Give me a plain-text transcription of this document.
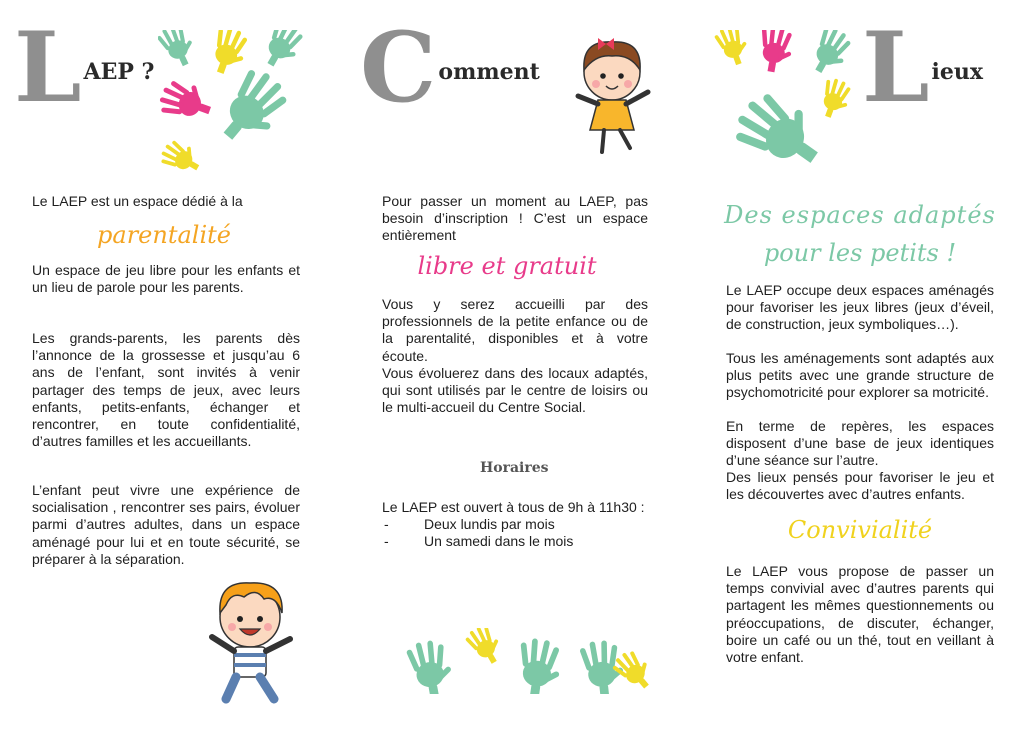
L AEP ?
Le LAEP est un espace dédié à la
parentalité
Un espace de jeu libre pour les enfants et un lieu de parole pour les parents.
Les grands-parents, les parents dès l’annonce de la grossesse et jusqu’au 6 ans de l’enfant, sont invités à venir partager des temps de jeux, avec leurs enfants, petits-enfants, échanger et rencontrer, en toute confidentialité, d’autres familles et les accueillants.
L’enfant peut vivre une expérience de socialisation , rencontrer ses pairs, évoluer parmi d’autres adultes, dans un espace aménagé pour lui et en toute sécurité, se préparer à la séparation.
C omment
Pour passer un moment au LAEP, pas besoin d’inscription ! C’est un espace entièrement
libre et gratuit
Vous y serez accueilli par des professionnels de la petite enfance ou de la parentalité, disponibles et à votre écoute.
Vous évoluerez dans des locaux adaptés, qui sont utilisés par le centre de loisirs ou le multi-accueil du Centre Social.
Horaires
Le LAEP est ouvert à tous de 9h à 11h30 :
- Deux lundis par mois
- Un samedi dans le mois
L ieux
Des espaces adaptés
pour les petits !
Le LAEP occupe deux espaces aménagés pour favoriser les jeux libres (jeux d’éveil, de construction, jeux symboliques…).
Tous les aménagements sont adaptés aux plus petits avec une grande structure de psychomotricité pour explorer sa motricité.
En terme de repères, les espaces disposent d’une base de jeux identiques d’une séance sur l’autre.
Des lieux pensés pour favoriser le jeu et les découvertes avec d’autres enfants.
Convivialité
Le LAEP vous propose de passer un temps convivial avec d’autres parents qui partagent les mêmes questionnements ou préoccupations, de discuter, échanger, boire un café ou un thé, tout en veillant à votre enfant.
